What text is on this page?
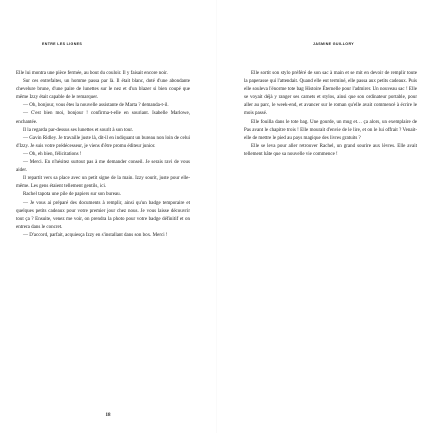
ENTRE LES LIGNES

Elle lui montra une pièce fermée, au bout du couloir. Il y faisait encore noir.

Sur ces entrefaites, un homme passa par là. Il était blanc, doté d'une abondante chevelure brune, d'une paire de lunettes sur le nez et d'un blazer si bien coupé que même Izzy était capable de le remarquer.

— Oh, bonjour, vous êtes la nouvelle assistante de Marta ? demanda-t-il.

— C'est bien moi, bonjour ! confirma-t-elle en souriant. Isabelle Marlowe, enchantée.

Il la regarda par-dessus ses lunettes et sourit à son tour.

— Gavin Ridley. Je travaille juste là, dit-il en indiquant un bureau non loin de celui d'Izzy. Je suis votre prédécesseur, je viens d'être promu éditeur junior.

— Oh, eh bien, félicitations !

— Merci. En n'hésitez surtout pas à me demander conseil. Je serais ravi de vous aider.

Il repartit vers sa place avec un petit signe de la main. Izzy sourit, juste pour elle-même. Les gens étaient tellement gentils, ici.

Rachel tapota une pile de papiers sur son bureau.

— Je vous ai préparé des documents à remplir, ainsi qu'un badge temporaire et quelques petits cadeaux pour votre premier jour chez nous. Je vous laisse découvrir tout ça ? Ensuite, venez me voir, on prendra la photo pour votre badge définitif et on entrera dans le concret.

— D'accord, parfait, acquiesça Izzy en s'installant dans son box. Merci !

18
JASMINE GUILLORY

Elle sortit son stylo préféré de son sac à main et se mit en devoir de remplir toute la paperasse qui l'attendait. Quand elle eut terminé, elle passa aux petits cadeaux. Puis elle souleva l'énorme tote bag Histoire Éternelle pour l'admirer. Un nouveau sac ! Elle se voyait déjà y ranger ses carnets et stylos, ainsi que son ordinateur portable, pour aller au parc, le week-end, et avancer sur le roman qu'elle avait commencé à écrire le mois passé.

Elle fouilla dans le tote bag. Une gourde, un mug et… ça alors, un exemplaire de Pas avant le chapitre trois ! Elle mourait d'envie de le lire, et on le lui offrait ? Venait-elle de mettre le pied au pays magique des livres gratuits ?

Elle se leva pour aller retrouver Rachel, un grand sourire aux lèvres. Elle avait tellement hâte que sa nouvelle vie commence !
